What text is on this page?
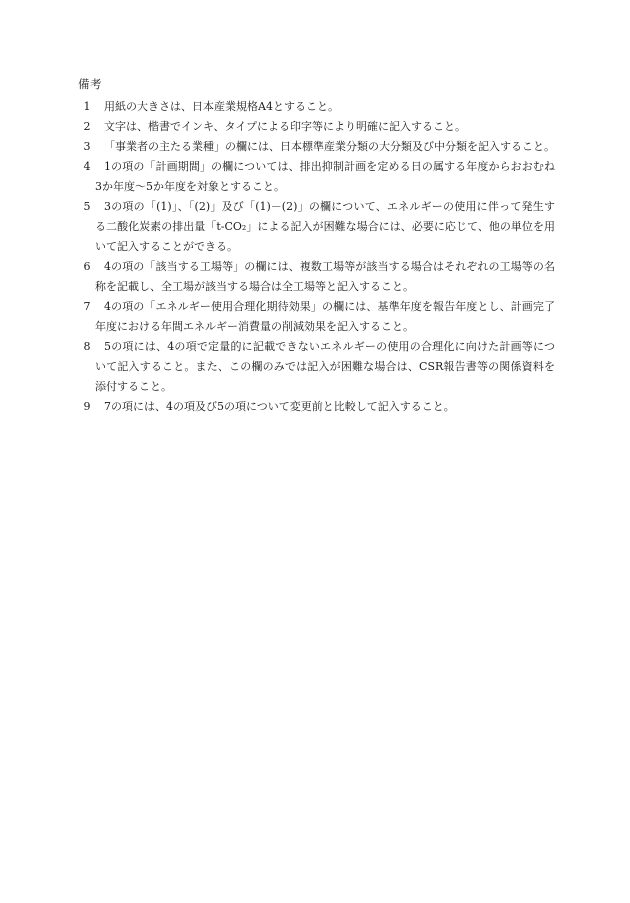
備考
1	用紙の大きさは、日本産業規格A4とすること。
2	文字は、楷書でインキ、タイプによる印字等により明確に記入すること。
3	「事業者の主たる業種」の欄には、日本標準産業分類の大分類及び中分類を記入すること。
4	1の項の「計画期間」の欄については、排出抑制計画を定める日の属する年度からおおむね3か年度～5か年度を対象とすること。
5	3の項の「(1)」、「(2)」及び「(1)－(2)」の欄について、エネルギーの使用に伴って発生する二酸化炭素の排出量「t-CO₂」による記入が困難な場合には、必要に応じて、他の単位を用いて記入することができる。
6	4の項の「該当する工場等」の欄には、複数工場等が該当する場合はそれぞれの工場等の名称を記載し、全工場が該当する場合は全工場等と記入すること。
7	4の項の「エネルギー使用合理化期待効果」の欄には、基準年度を報告年度とし、計画完了年度における年間エネルギー消費量の削減効果を記入すること。
8	5の項には、4の項で定量的に記載できないエネルギーの使用の合理化に向けた計画等について記入すること。また、この欄のみでは記入が困難な場合は、CSR報告書等の関係資料を添付すること。
9	7の項には、4の項及び5の項について変更前と比較して記入すること。
